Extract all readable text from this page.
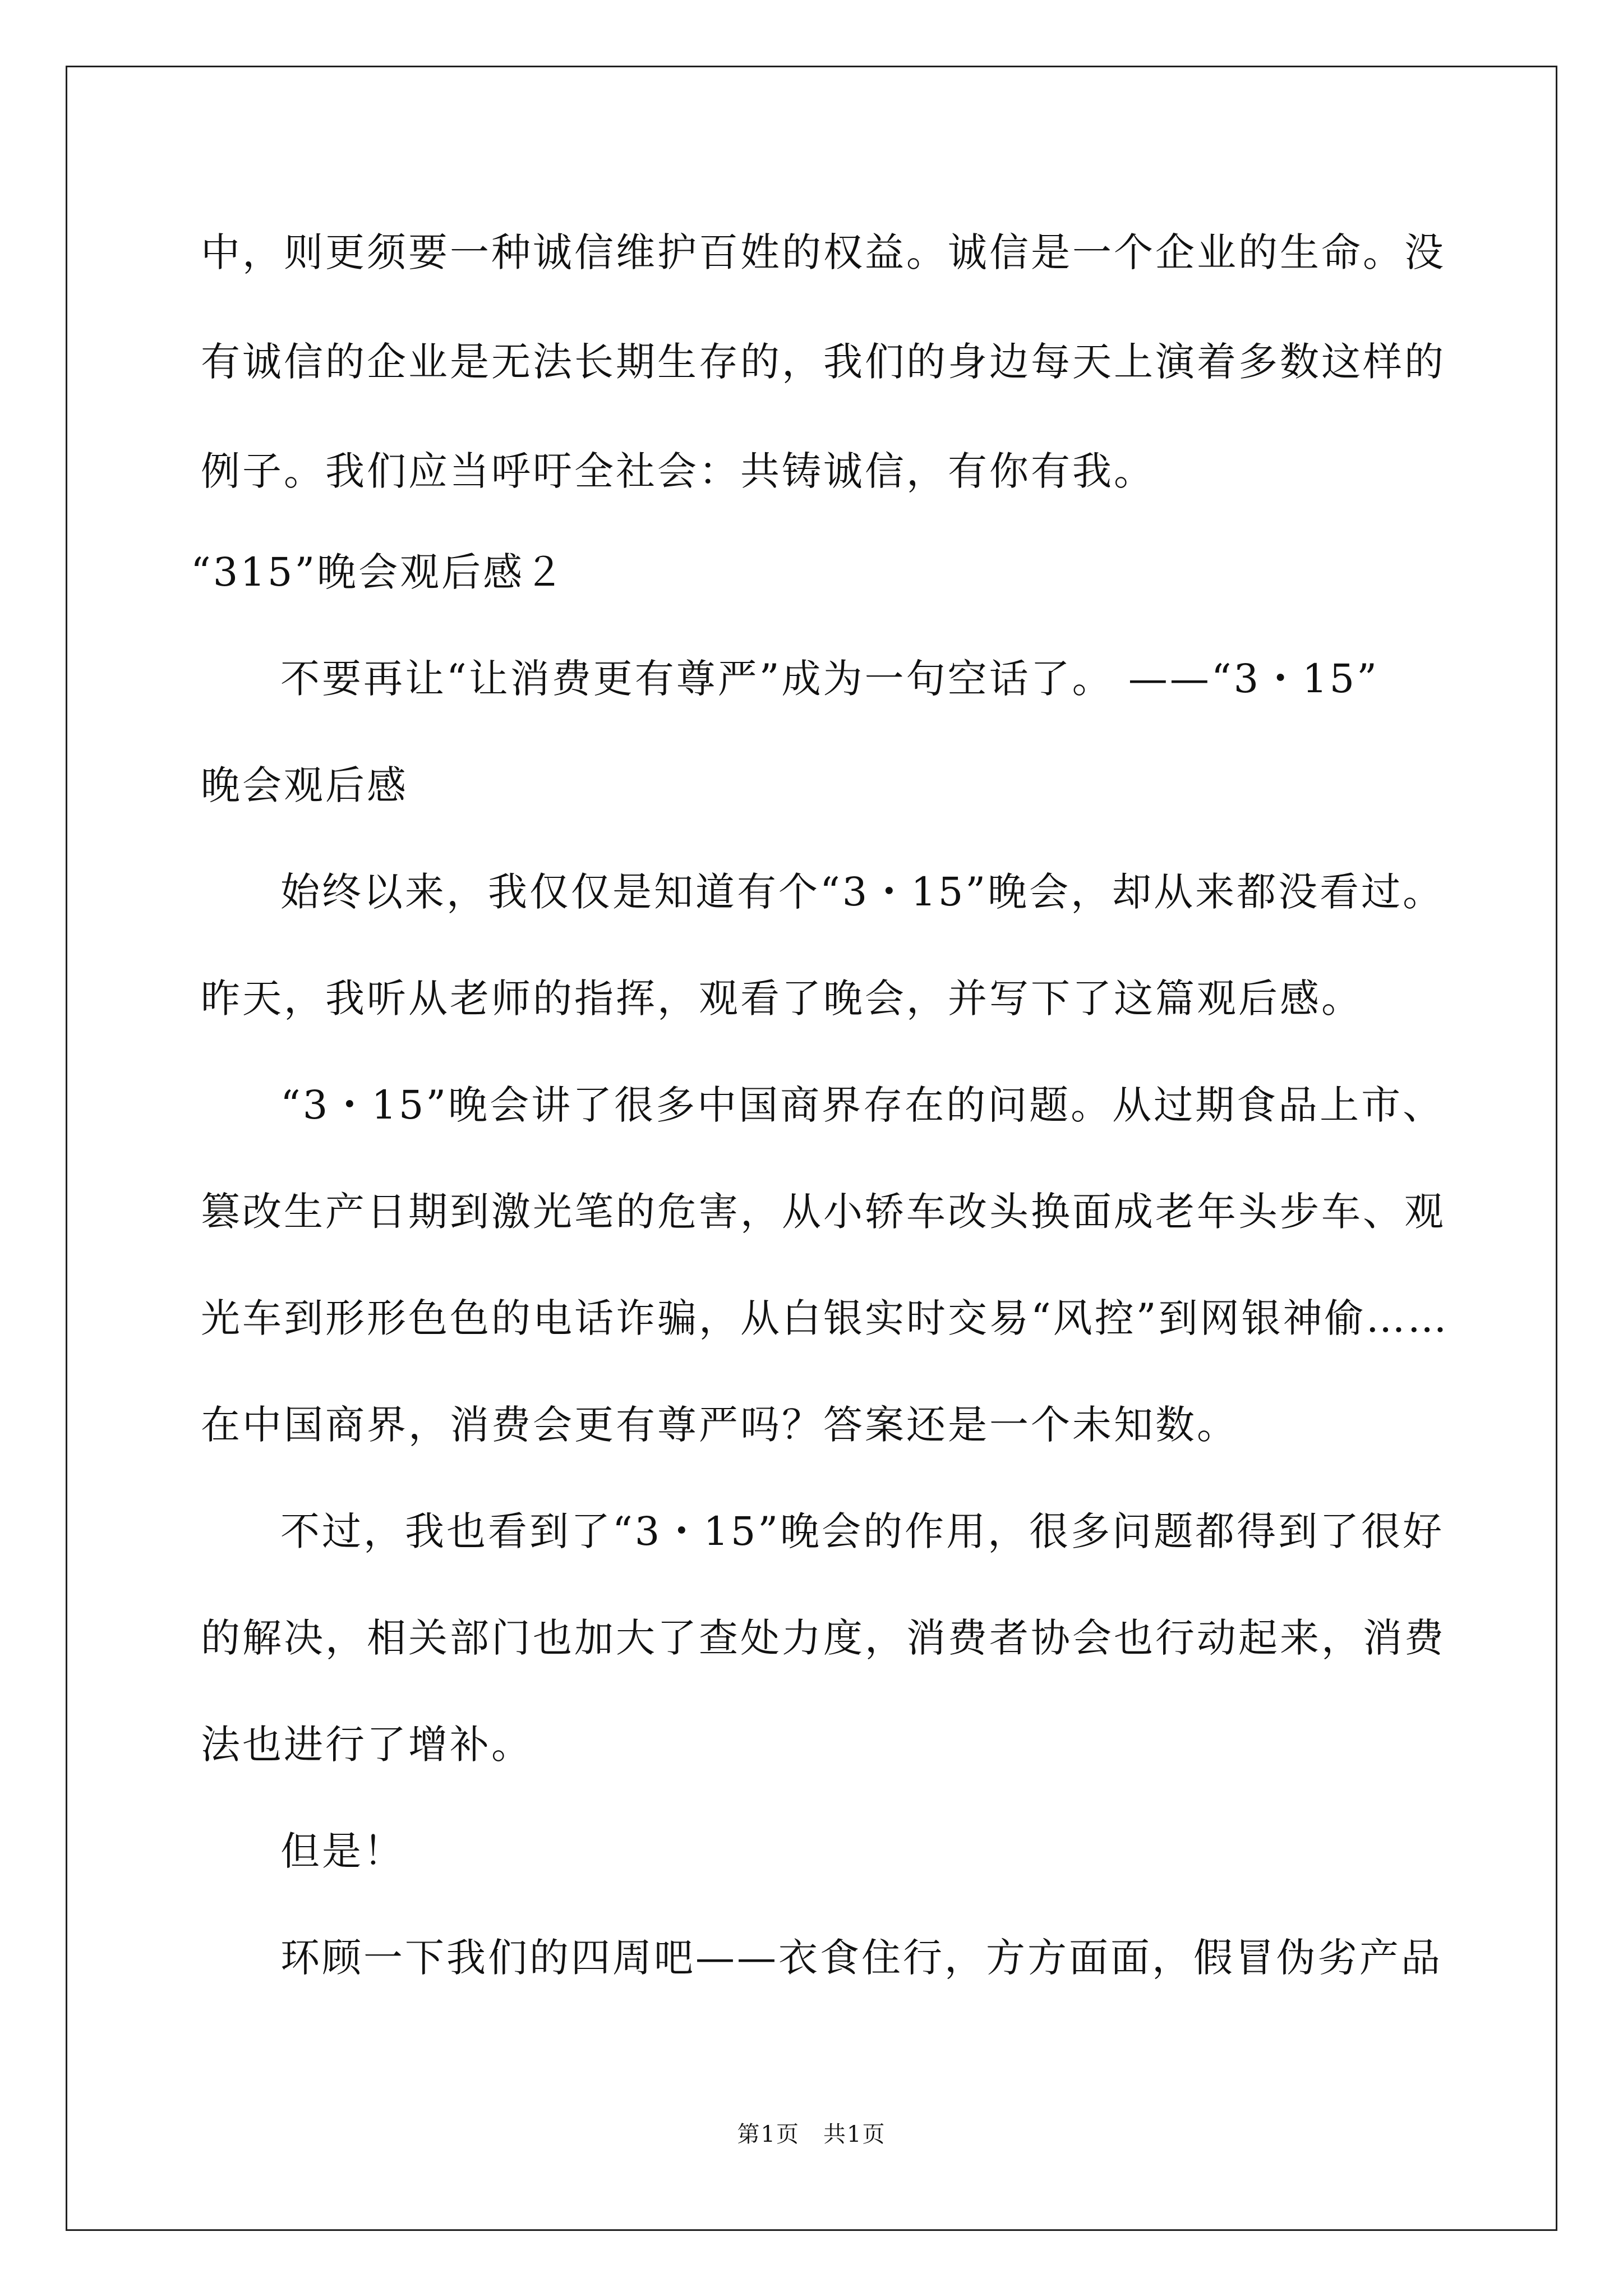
中，则更须要一种诚信维护百姓的权益。诚信是一个企业的生命。没
有诚信的企业是无法长期生存的，我们的身边每天上演着多数这样的
例子。我们应当呼吁全社会：共铸诚信，有你有我。
“315”晚会观后感２
不要再让“让消费更有尊严”成为一句空话了。 ——“3・15”
晚会观后感
始终以来，我仅仅是知道有个“3・15”晚会，却从来都没看过。
昨天，我听从老师的指挥，观看了晚会，并写下了这篇观后感。
“3・15”晚会讲了很多中国商界存在的问题。从过期食品上市、
篡改生产日期到激光笔的危害，从小轿车改头换面成老年头步车、观
光车到形形色色的电话诈骗，从白银实时交易“风控”到网银神偷……
在中国商界，消费会更有尊严吗？答案还是一个未知数。
不过，我也看到了“3・15”晚会的作用，很多问题都得到了很好
的解决，相关部门也加大了查处力度，消费者协会也行动起来，消费
法也进行了增补。
但是！
环顾一下我们的四周吧——衣食住行，方方面面，假冒伪劣产品
第1页　共1页
